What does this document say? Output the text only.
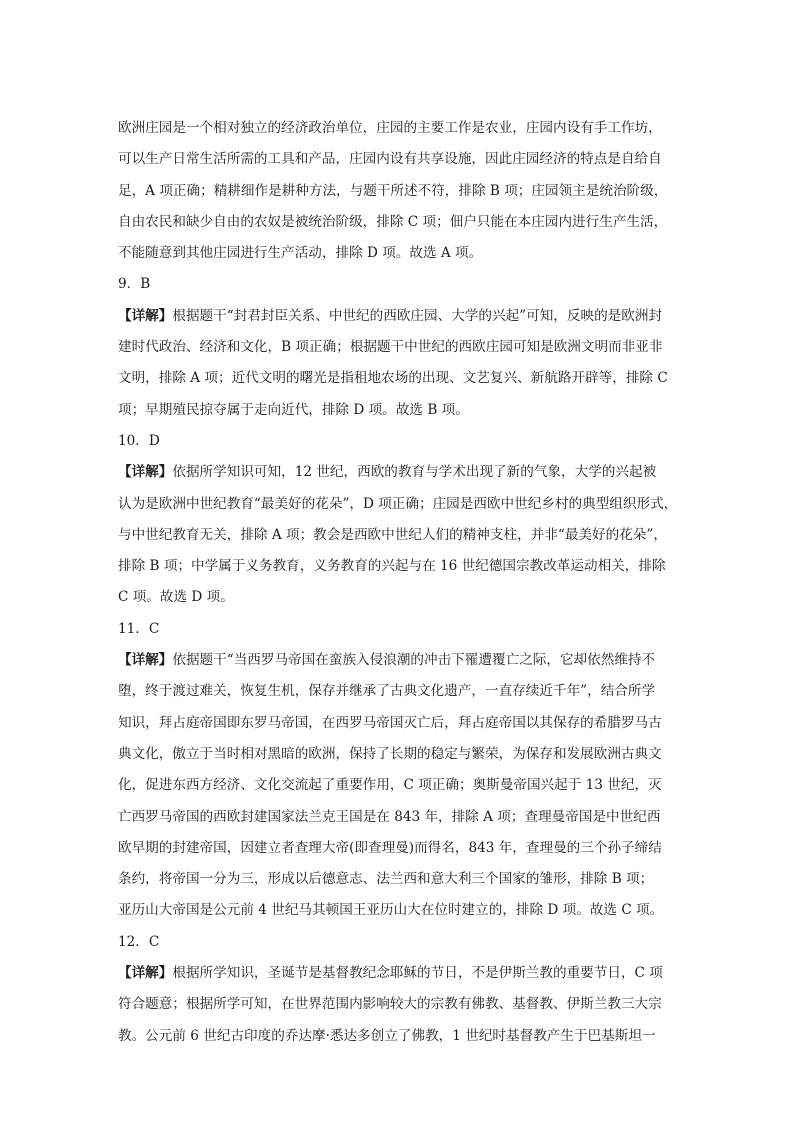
欧洲庄园是一个相对独立的经济政治单位，庄园的主要工作是农业，庄园内设有手工作坊，
可以生产日常生活所需的工具和产品，庄园内设有共享设施，因此庄园经济的特点是自给自
足，A 项正确；精耕细作是耕种方法，与题干所述不符，排除 B 项；庄园领主是统治阶级，
自由农民和缺少自由的农奴是被统治阶级，排除 C 项；佃户只能在本庄园内进行生产生活，
不能随意到其他庄园进行生产活动，排除 D 项。故选 A 项。
9．B
【详解】根据题干“封君封臣关系、中世纪的西欧庄园、大学的兴起”可知，反映的是欧洲封
建时代政治、经济和文化，B 项正确；根据题干中世纪的西欧庄园可知是欧洲文明而非亚非
文明，排除 A 项；近代文明的曙光是指租地农场的出现、文艺复兴、新航路开辟等，排除 C
项；早期殖民掠夺属于走向近代，排除 D 项。故选 B 项。
10．D
【详解】依据所学知识可知，12 世纪，西欧的教育与学术出现了新的气象，大学的兴起被
认为是欧洲中世纪教育“最美好的花朵”，D 项正确；庄园是西欧中世纪乡村的典型组织形式，
与中世纪教育无关，排除 A 项；教会是西欧中世纪人们的精神支柱，并非“最美好的花朵”，
排除 B 项；中学属于义务教育，义务教育的兴起与在 16 世纪德国宗教改革运动相关，排除
C 项。故选 D 项。
11．C
【详解】依据题干“当西罗马帝国在蛮族入侵浪潮的冲击下罹遭覆亡之际，它却依然维持不
堕，终于渡过难关，恢复生机，保存并继承了古典文化遗产，一直存续近千年”，结合所学
知识，拜占庭帝国即东罗马帝国，在西罗马帝国灭亡后，拜占庭帝国以其保存的希腊罗马古
典文化，傲立于当时相对黑暗的欧洲，保持了长期的稳定与繁荣，为保存和发展欧洲古典文
化，促进东西方经济、文化交流起了重要作用，C 项正确；奥斯曼帝国兴起于 13 世纪，灭
亡西罗马帝国的西欧封建国家法兰克王国是在 843 年，排除 A 项；查理曼帝国是中世纪西
欧早期的封建帝国，因建立者查理大帝(即查理曼)而得名，843 年，查理曼的三个孙子缔结
条约，将帝国一分为三，形成以后德意志、法兰西和意大利三个国家的雏形，排除 B 项；
亚历山大帝国是公元前 4 世纪马其顿国王亚历山大在位时建立的，排除 D 项。故选 C 项。
12．C
【详解】根据所学知识，圣诞节是基督教纪念耶稣的节日，不是伊斯兰教的重要节日，C 项
符合题意；根据所学可知，在世界范围内影响较大的宗教有佛教、基督教、伊斯兰教三大宗
教。公元前 6 世纪古印度的乔达摩·悉达多创立了佛教，1 世纪时基督教产生于巴基斯坦一
